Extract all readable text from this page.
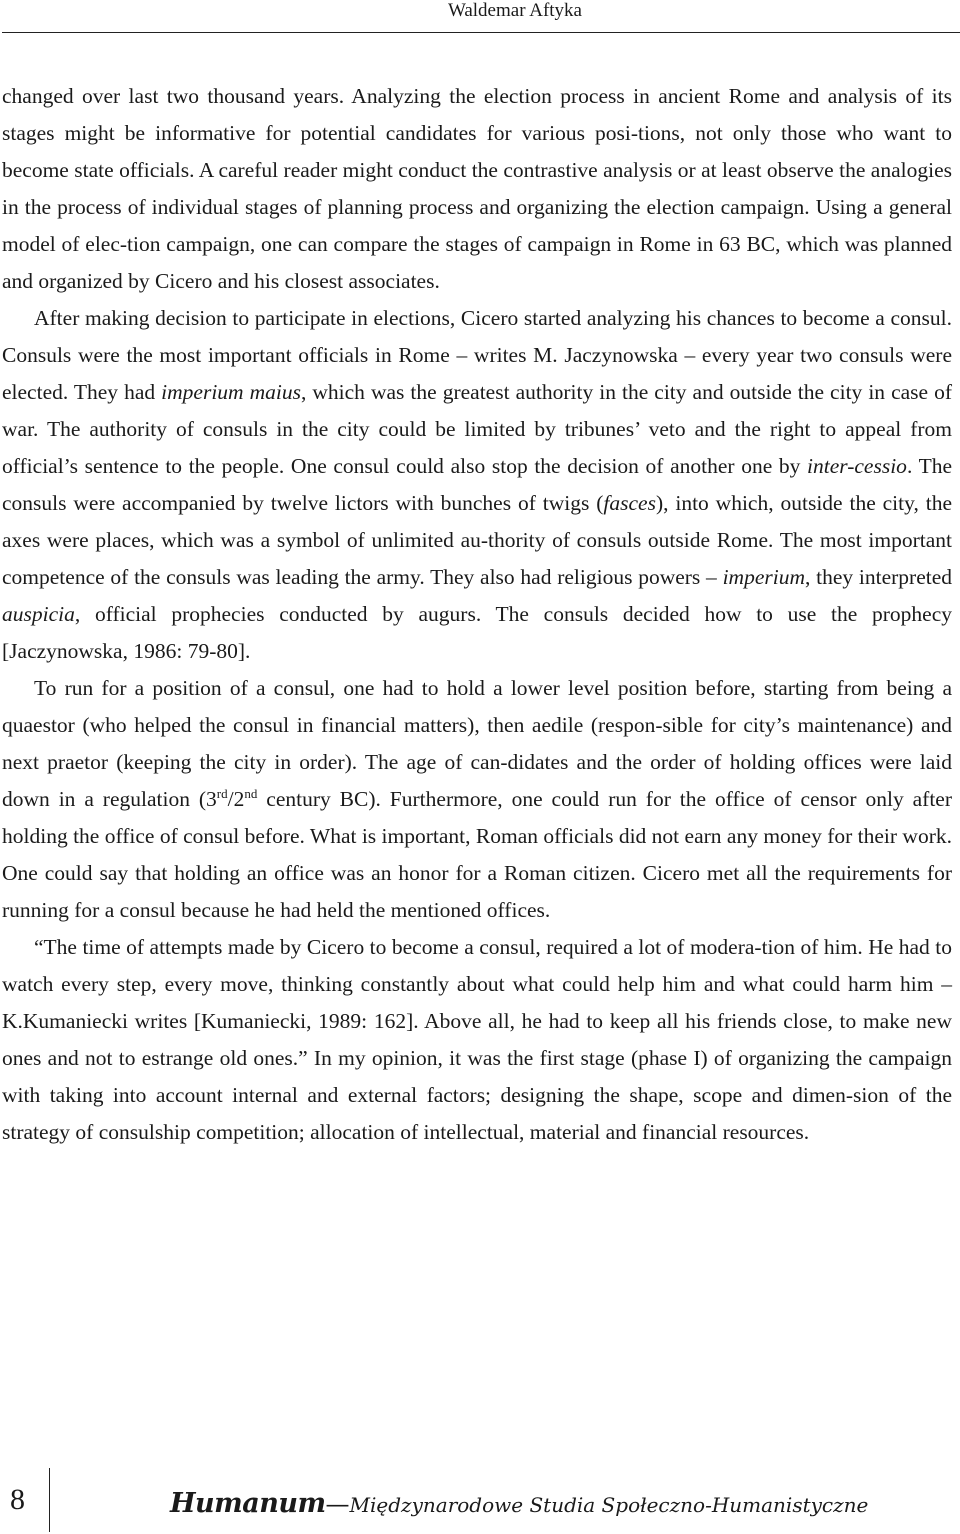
Waldemar Aftyka

changed over last two thousand years. Analyzing the election process in ancient Rome and analysis of its stages might be informative for potential candidates for various posi-tions, not only those who want to become state officials. A careful reader might conduct the contrastive analysis or at least observe the analogies in the process of individual stages of planning process and organizing the election campaign. Using a general model of elec-tion campaign, one can compare the stages of campaign in Rome in 63 BC, which was planned and organized by Cicero and his closest associates.

After making decision to participate in elections, Cicero started analyzing his chances to become a consul. Consuls were the most important officials in Rome – writes M. Jaczynowska – every year two consuls were elected. They had imperium maius, which was the greatest authority in the city and outside the city in case of war. The authority of consuls in the city could be limited by tribunes’ veto and the right to appeal from official’s sentence to the people. One consul could also stop the decision of another one by inter-cessio. The consuls were accompanied by twelve lictors with bunches of twigs (fasces), into which, outside the city, the axes were places, which was a symbol of unlimited au-thority of consuls outside Rome. The most important competence of the consuls was leading the army. They also had religious powers – imperium, they interpreted auspicia, official prophecies conducted by augurs. The consuls decided how to use the prophecy [Jaczynowska, 1986: 79-80].

To run for a position of a consul, one had to hold a lower level position before, starting from being a quaestor (who helped the consul in financial matters), then aedile (respon-sible for city’s maintenance) and next praetor (keeping the city in order). The age of can-didates and the order of holding offices were laid down in a regulation (3rd/2nd century BC). Furthermore, one could run for the office of censor only after holding the office of consul before. What is important, Roman officials did not earn any money for their work. One could say that holding an office was an honor for a Roman citizen. Cicero met all the requirements for running for a consul because he had held the mentioned offices.

“The time of attempts made by Cicero to become a consul, required a lot of modera-tion of him. He had to watch every step, every move, thinking constantly about what could help him and what could harm him – K.Kumaniecki writes [Kumaniecki, 1989: 162]. Above all, he had to keep all his friends close, to make new ones and not to estrange old ones.” In my opinion, it was the first stage (phase I) of organizing the campaign with taking into account internal and external factors; designing the shape, scope and dimen-sion of the strategy of consulship competition; allocation of intellectual, material and financial resources.

8	Humanum—Międzynarodowe Studia Społeczno-Humanistyczne
